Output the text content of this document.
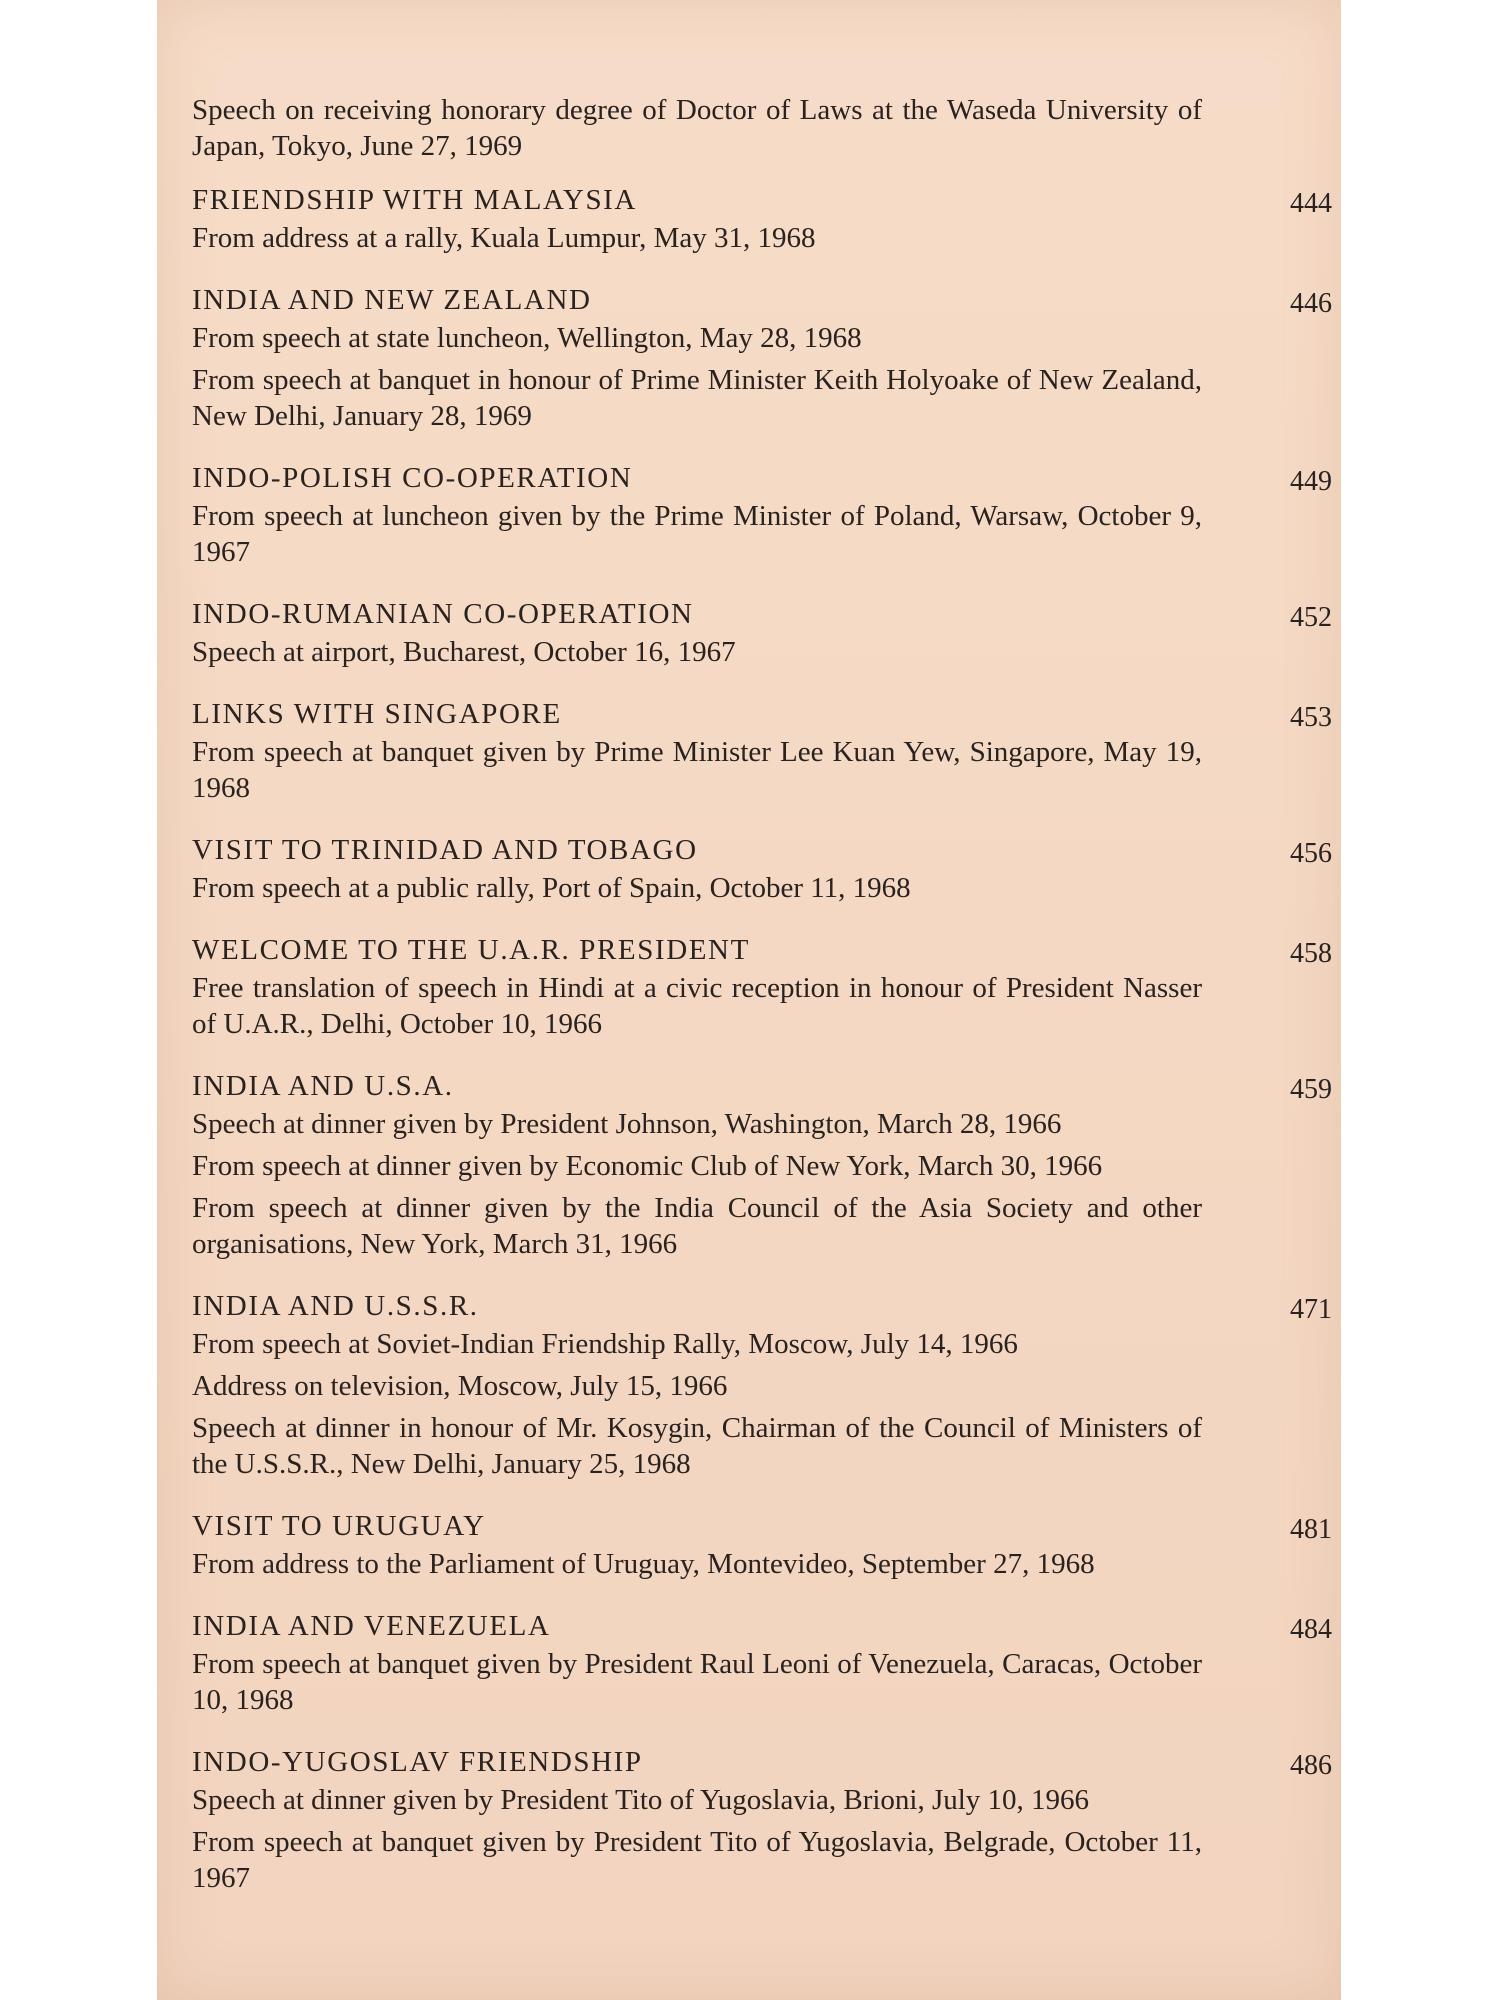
Speech on receiving honorary degree of Doctor of Laws at the Waseda University of Japan, Tokyo, June 27, 1969
FRIENDSHIP WITH MALAYSIA	444
From address at a rally, Kuala Lumpur, May 31, 1968
INDIA AND NEW ZEALAND	446
From speech at state luncheon, Wellington, May 28, 1968
From speech at banquet in honour of Prime Minister Keith Holyoake of New Zealand, New Delhi, January 28, 1969
INDO-POLISH CO-OPERATION	449
From speech at luncheon given by the Prime Minister of Poland, Warsaw, October 9, 1967
INDO-RUMANIAN CO-OPERATION	452
Speech at airport, Bucharest, October 16, 1967
LINKS WITH SINGAPORE	453
From speech at banquet given by Prime Minister Lee Kuan Yew, Singapore, May 19, 1968
VISIT TO TRINIDAD AND TOBAGO	456
From speech at a public rally, Port of Spain, October 11, 1968
WELCOME TO THE U.A.R. PRESIDENT	458
Free translation of speech in Hindi at a civic reception in honour of President Nasser of U.A.R., Delhi, October 10, 1966
INDIA AND U.S.A.	459
Speech at dinner given by President Johnson, Washington, March 28, 1966
From speech at dinner given by Economic Club of New York, March 30, 1966
From speech at dinner given by the India Council of the Asia Society and other organisations, New York, March 31, 1966
INDIA AND U.S.S.R.	471
From speech at Soviet-Indian Friendship Rally, Moscow, July 14, 1966
Address on television, Moscow, July 15, 1966
Speech at dinner in honour of Mr. Kosygin, Chairman of the Council of Ministers of the U.S.S.R., New Delhi, January 25, 1968
VISIT TO URUGUAY	481
From address to the Parliament of Uruguay, Montevideo, September 27, 1968
INDIA AND VENEZUELA	484
From speech at banquet given by President Raul Leoni of Venezuela, Caracas, October 10, 1968
INDO-YUGOSLAV FRIENDSHIP	486
Speech at dinner given by President Tito of Yugoslavia, Brioni, July 10, 1966
From speech at banquet given by President Tito of Yugoslavia, Belgrade, October 11, 1967
